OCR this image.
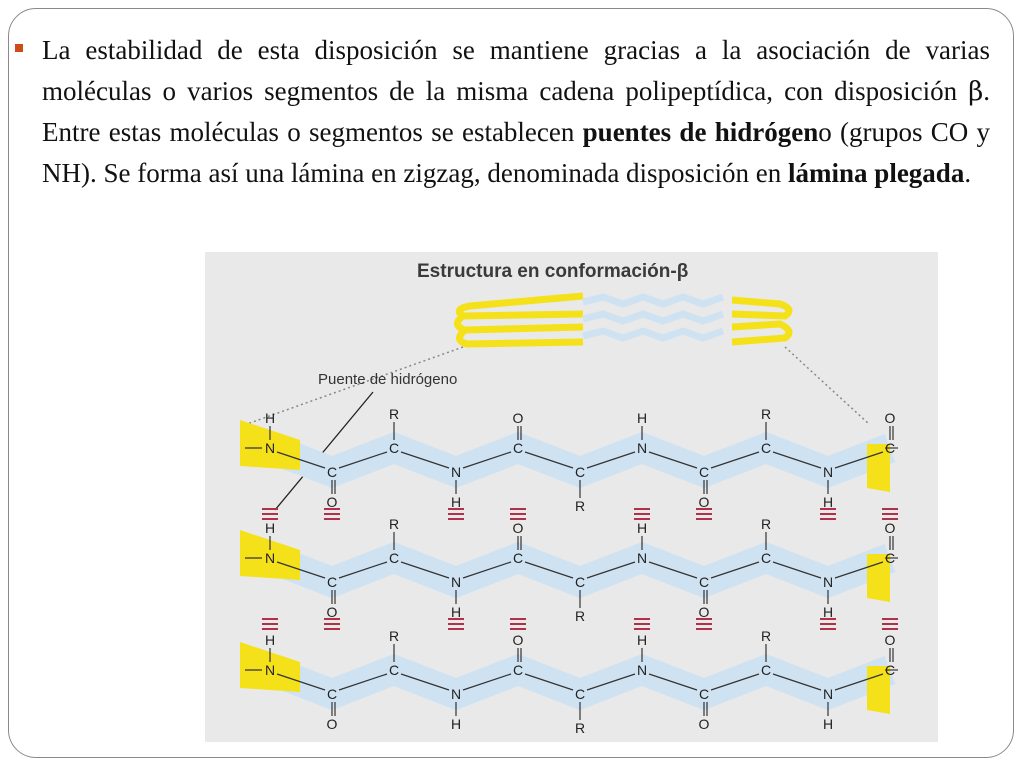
La estabilidad de esta disposición se mantiene gracias a la asociación de varias moléculas o varios segmentos de la misma cadena polipeptídica, con disposición β. Entre estas moléculas o segmentos se establecen puentes de hidrógeno (grupos CO y NH). Se forma así una lámina en zigzag, denominada disposición en lámina plegada.

Estructura en conformación-β
Puente de hidrógeno
N
H
C
O
C
R
N
H
C
O
C
R
N
H
C
O
C
R
N
H
C
O
N
H
C
O
C
R
N
H
C
O
C
R
N
H
C
O
C
R
N
H
C
O
N
H
C
O
C
R
N
H
C
O
C
R
N
H
C
O
C
R
N
H
C
O
